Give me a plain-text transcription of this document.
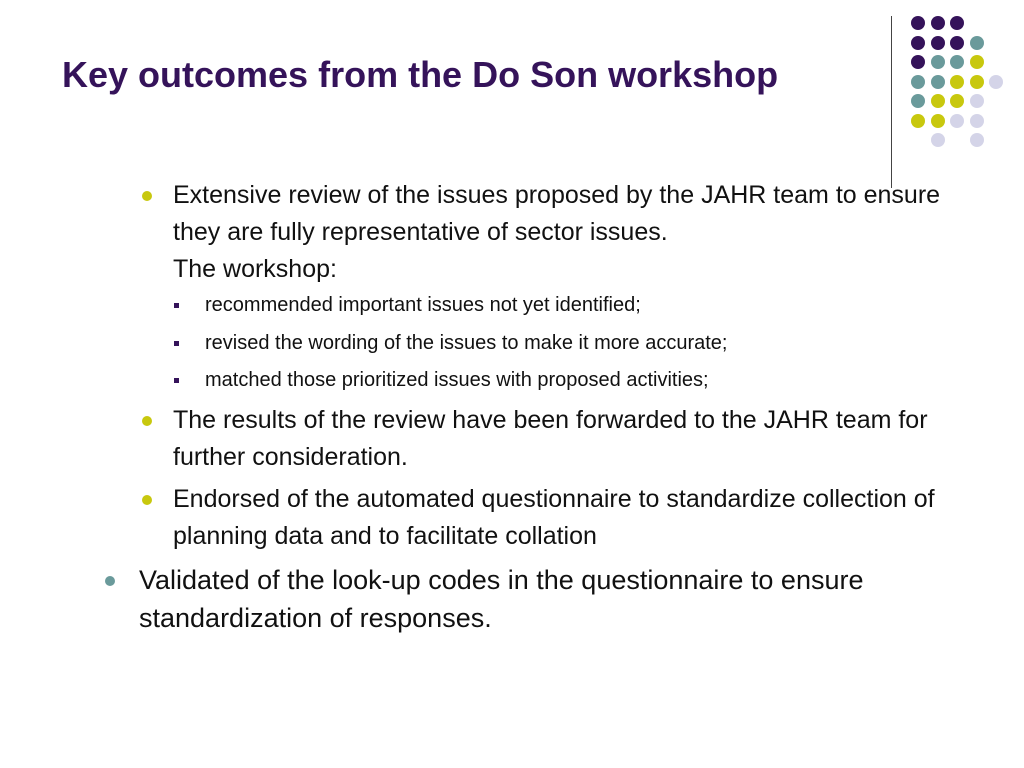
Key outcomes from the Do Son workshop
Extensive review of the issues proposed by the JAHR team to ensure they are fully representative of sector issues.
The workshop:
recommended important issues not yet identified;
revised the wording of the issues to make it more accurate;
matched those prioritized issues with proposed activities;
The results of the review have been forwarded to the JAHR team for further consideration.
Endorsed of the automated questionnaire to standardize collection of planning data and to facilitate collation
Validated of the look-up codes in the questionnaire to ensure standardization of responses.
